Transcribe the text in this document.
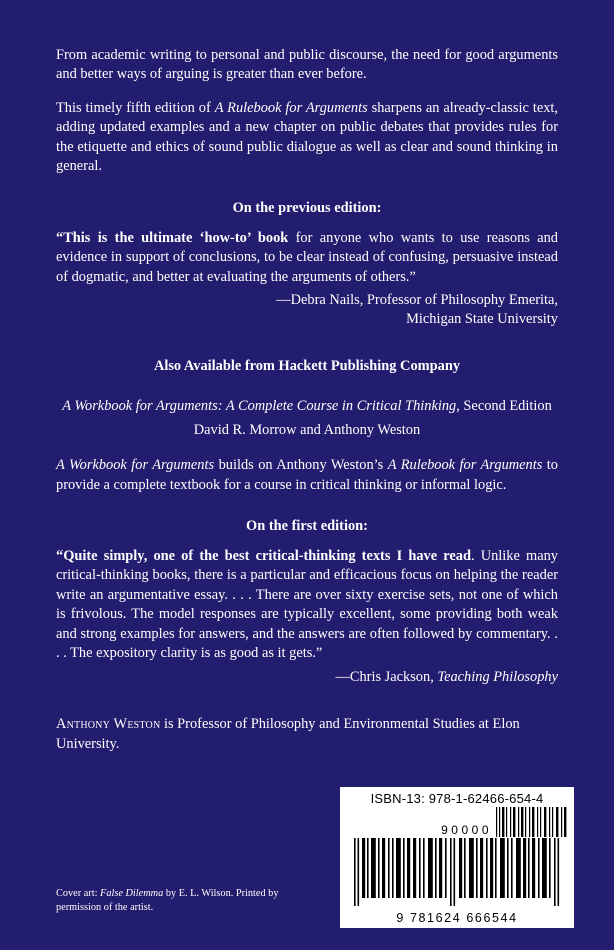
From academic writing to personal and public discourse, the need for good arguments and better ways of arguing is greater than ever before.

This timely fifth edition of A Rulebook for Arguments sharpens an already-classic text, adding updated examples and a new chapter on public debates that provides rules for the etiquette and ethics of sound public dialogue as well as clear and sound thinking in general.

On the previous edition:

“This is the ultimate ‘how-to’ book for anyone who wants to use reasons and evidence in support of conclusions, to be clear instead of confusing, persuasive instead of dogmatic, and better at evaluating the arguments of others.”

—Debra Nails, Professor of Philosophy Emerita,
Michigan State University
Also Available from Hackett Publishing Company
A Workbook for Arguments: A Complete Course in Critical Thinking, Second Edition
David R. Morrow and Anthony Weston

A Workbook for Arguments builds on Anthony Weston’s A Rulebook for Arguments to provide a complete textbook for a course in critical thinking or informal logic.

On the first edition:

“Quite simply, one of the best critical-thinking texts I have read. Unlike many critical-thinking books, there is a particular and efficacious focus on helping the reader write an argumentative essay. . . . There are over sixty exercise sets, not one of which is frivolous. The model responses are typically excellent, some providing both weak and strong examples for answers, and the answers are often followed by commentary. . . . The expository clarity is as good as it gets.”

—Chris Jackson, Teaching Philosophy

Anthony Weston is Professor of Philosophy and Environmental Studies at Elon University.

Cover art: False Dilemma by E. L. Wilson. Printed by permission of the artist.
ISBN-13: 978-1-62466-654-4
90000
9 781624 666544
